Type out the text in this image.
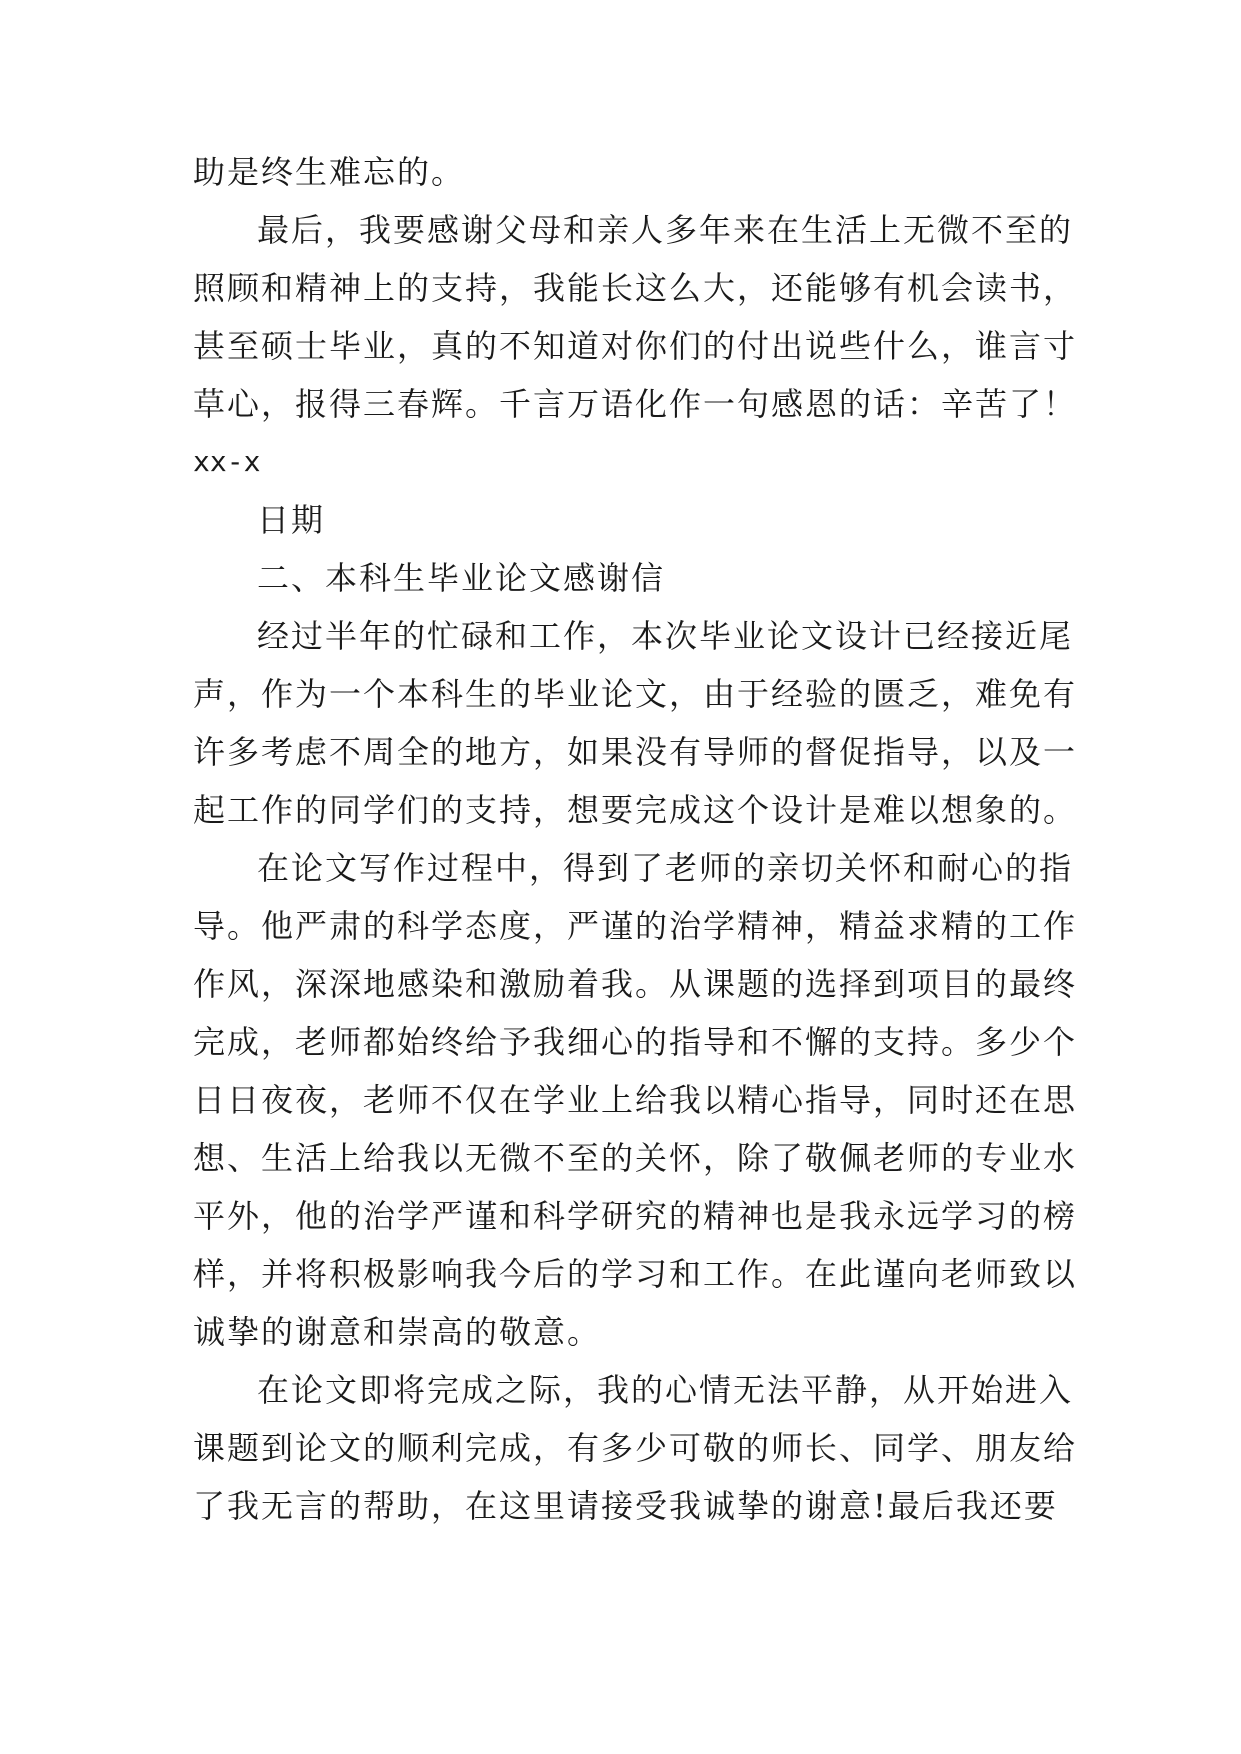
助是终生难忘的。
最后，我要感谢父母和亲人多年来在生活上无微不至的
照顾和精神上的支持，我能长这么大，还能够有机会读书，
甚至硕士毕业，真的不知道对你们的付出说些什么，谁言寸
草心，报得三春辉。千言万语化作一句感恩的话：辛苦了！
xx-x
日期
二、本科生毕业论文感谢信
经过半年的忙碌和工作，本次毕业论文设计已经接近尾
声，作为一个本科生的毕业论文，由于经验的匮乏，难免有
许多考虑不周全的地方，如果没有导师的督促指导，以及一
起工作的同学们的支持，想要完成这个设计是难以想象的。
在论文写作过程中，得到了老师的亲切关怀和耐心的指
导。他严肃的科学态度，严谨的治学精神，精益求精的工作
作风，深深地感染和激励着我。从课题的选择到项目的最终
完成，老师都始终给予我细心的指导和不懈的支持。多少个
日日夜夜，老师不仅在学业上给我以精心指导，同时还在思
想、生活上给我以无微不至的关怀，除了敬佩老师的专业水
平外，他的治学严谨和科学研究的精神也是我永远学习的榜
样，并将积极影响我今后的学习和工作。在此谨向老师致以
诚挚的谢意和崇高的敬意。
在论文即将完成之际，我的心情无法平静，从开始进入
课题到论文的顺利完成，有多少可敬的师长、同学、朋友给
了我无言的帮助，在这里请接受我诚挚的谢意!最后我还要
